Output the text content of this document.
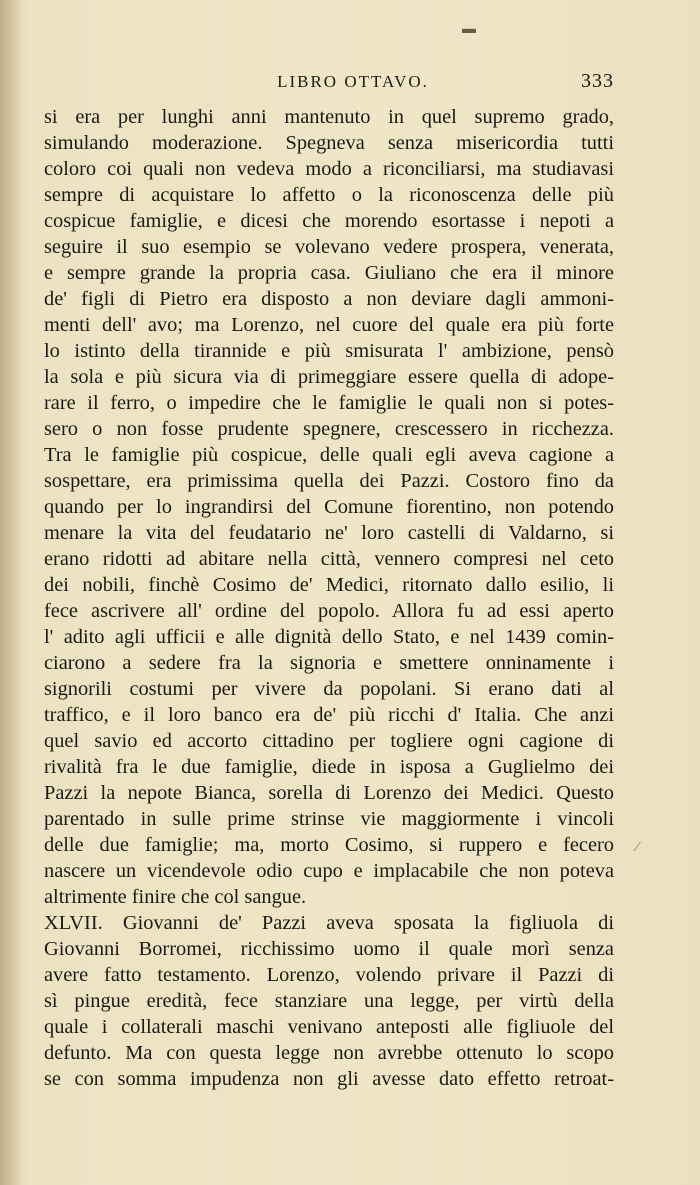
LIBRO OTTAVO.	333
si era per lunghi anni mantenuto in quel supremo grado,
simulando moderazione. Spegneva senza misericordia tutti
coloro coi quali non vedeva modo a riconciliarsi, ma studiavasi
sempre di acquistare lo affetto o la riconoscenza delle più
cospicue famiglie, e dicesi che morendo esortasse i nepoti a
seguire il suo esempio se volevano vedere prospera, venerata,
e sempre grande la propria casa. Giuliano che era il minore
de' figli di Pietro era disposto a non deviare dagli ammoni-
menti dell' avo; ma Lorenzo, nel cuore del quale era più forte
lo istinto della tirannide e più smisurata l' ambizione, pensò
la sola e più sicura via di primeggiare essere quella di adope-
rare il ferro, o impedire che le famiglie le quali non si potes-
sero o non fosse prudente spegnere, crescessero in ricchezza.
Tra le famiglie più cospicue, delle quali egli aveva cagione a
sospettare, era primissima quella dei Pazzi. Costoro fino da
quando per lo ingrandirsi del Comune fiorentino, non potendo
menare la vita del feudatario ne' loro castelli di Valdarno, si
erano ridotti ad abitare nella città, vennero compresi nel ceto
dei nobili, finchè Cosimo de' Medici, ritornato dallo esilio, li
fece ascrivere all' ordine del popolo. Allora fu ad essi aperto
l' adito agli ufficii e alle dignità dello Stato, e nel 1439 comin-
ciarono a sedere fra la signoria e smettere onninamente i
signorili costumi per vivere da popolani. Si erano dati al
traffico, e il loro banco era de' più ricchi d' Italia. Che anzi
quel savio ed accorto cittadino per togliere ogni cagione di
rivalità fra le due famiglie, diede in isposa a Guglielmo dei
Pazzi la nepote Bianca, sorella di Lorenzo dei Medici. Questo
parentado in sulle prime strinse vie maggiormente i vincoli
delle due famiglie; ma, morto Cosimo, si ruppero e fecero
nascere un vicendevole odio cupo e implacabile che non poteva
altrimente finire che col sangue.
XLVII. Giovanni de' Pazzi aveva sposata la figliuola di
Giovanni Borromei, ricchissimo uomo il quale morì senza
avere fatto testamento. Lorenzo, volendo privare il Pazzi di
sì pingue eredità, fece stanziare una legge, per virtù della
quale i collaterali maschi venivano anteposti alle figliuole del
defunto. Ma con questa legge non avrebbe ottenuto lo scopo
se con somma impudenza non gli avesse dato effetto retroat-
▬
⁄
